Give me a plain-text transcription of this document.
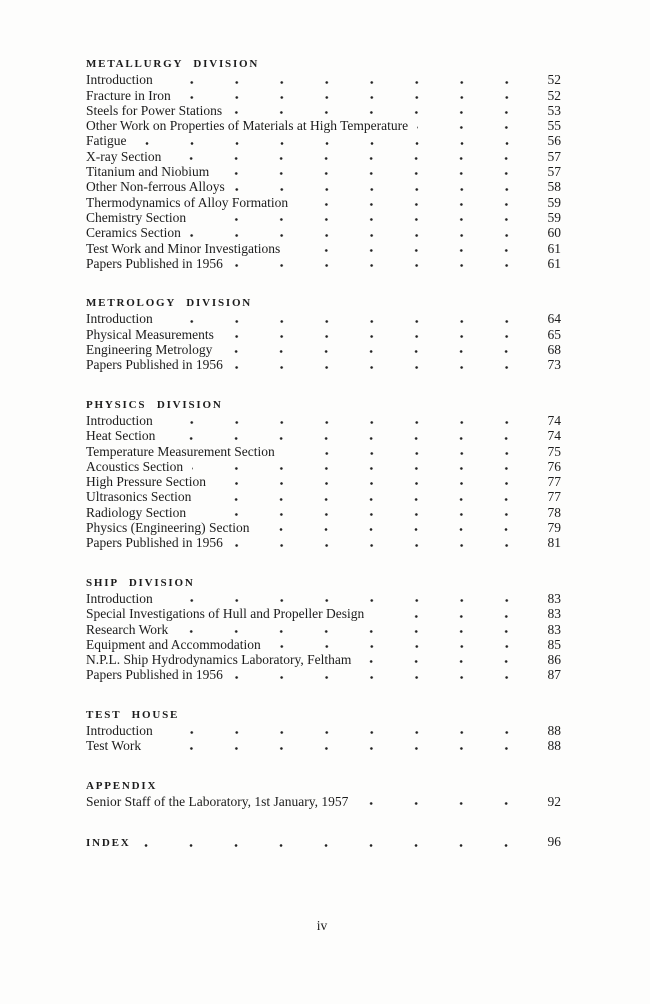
METALLURGY DIVISION
Introduction	52
Fracture in Iron	52
Steels for Power Stations	53
Other Work on Properties of Materials at High Temperature	55
Fatigue	56
X-ray Section	57
Titanium and Niobium	57
Other Non-ferrous Alloys	58
Thermodynamics of Alloy Formation	59
Chemistry Section	59
Ceramics Section	60
Test Work and Minor Investigations	61
Papers Published in 1956	61
METROLOGY DIVISION
Introduction	64
Physical Measurements	65
Engineering Metrology	68
Papers Published in 1956	73
PHYSICS DIVISION
Introduction	74
Heat Section	74
Temperature Measurement Section	75
Acoustics Section	76
High Pressure Section	77
Ultrasonics Section	77
Radiology Section	78
Physics (Engineering) Section	79
Papers Published in 1956	81
SHIP DIVISION
Introduction	83
Special Investigations of Hull and Propeller Design	83
Research Work	83
Equipment and Accommodation	85
N.P.L. Ship Hydrodynamics Laboratory, Feltham	86
Papers Published in 1956	87
TEST HOUSE
Introduction	88
Test Work	88
APPENDIX
Senior Staff of the Laboratory, 1st January, 1957	92
INDEX	96
iv
